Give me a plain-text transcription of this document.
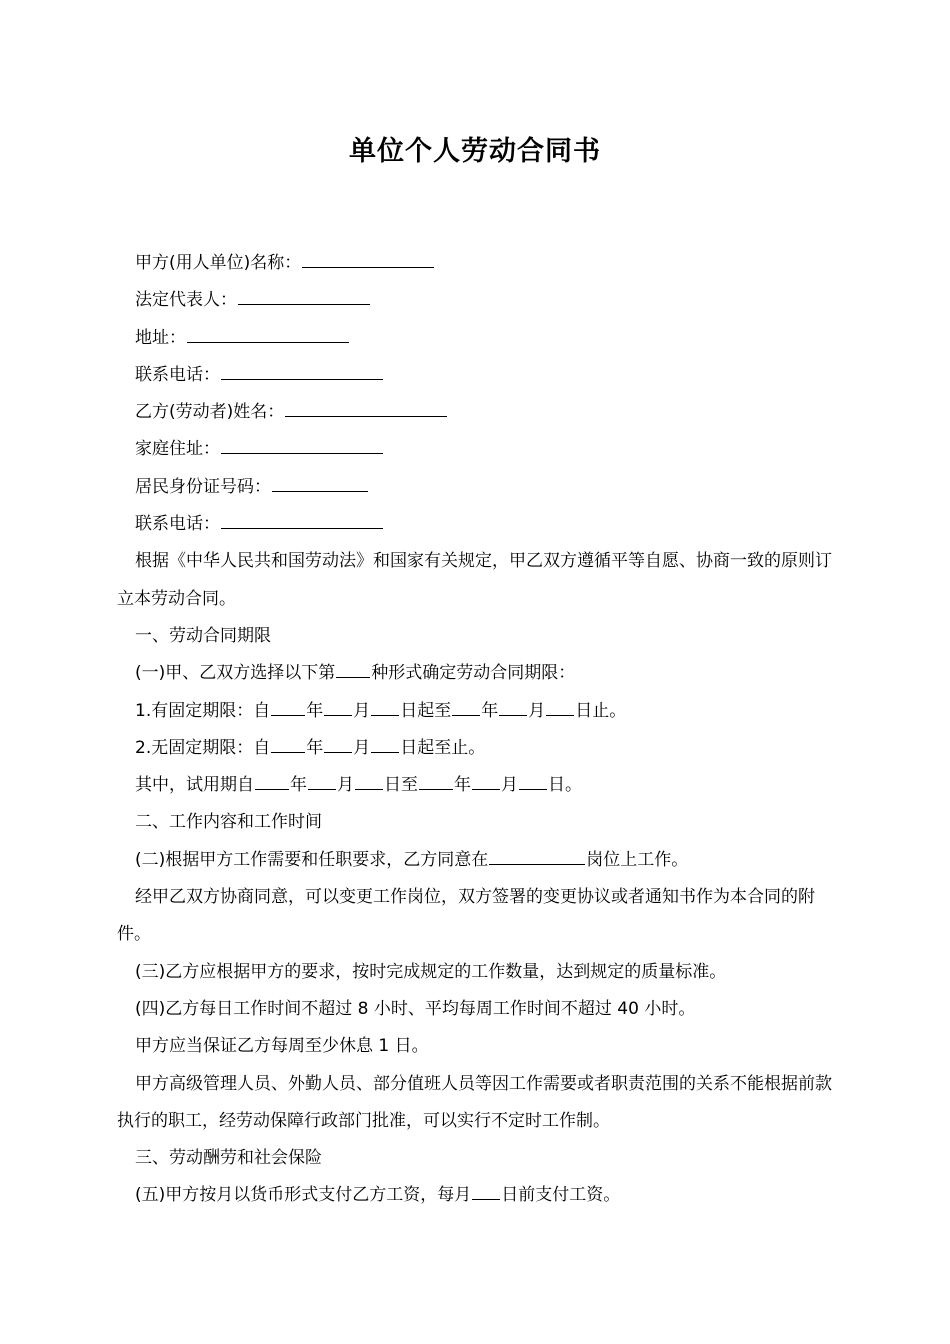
单位个人劳动合同书

甲方(用人单位)名称：

法定代表人：

地址：

联系电话：

乙方(劳动者)姓名：

家庭住址：

居民身份证号码：

联系电话：

根据《中华人民共和国劳动法》和国家有关规定，甲乙双方遵循平等自愿、协商一致的原则订立本劳动合同。

一、劳动合同期限

(一)甲、乙双方选择以下第 种形式确定劳动合同期限：

1.有固定期限：自 年 月 日起至 年 月 日止。

2.无固定期限：自 年 月 日起至止。

其中，试用期自 年 月 日至 年 月 日。

二、工作内容和工作时间

(二)根据甲方工作需要和任职要求，乙方同意在	岗位上工作。

经甲乙双方协商同意，可以变更工作岗位，双方签署的变更协议或者通知书作为本合同的附件。

(三)乙方应根据甲方的要求，按时完成规定的工作数量，达到规定的质量标准。

(四)乙方每日工作时间不超过 8 小时、平均每周工作时间不超过 40 小时。

甲方应当保证乙方每周至少休息 1 日。

甲方高级管理人员、外勤人员、部分值班人员等因工作需要或者职责范围的关系不能根据前款执行的职工，经劳动保障行政部门批准，可以实行不定时工作制。

三、劳动酬劳和社会保险

(五)甲方按月以货币形式支付乙方工资，每月 日前支付工资。
